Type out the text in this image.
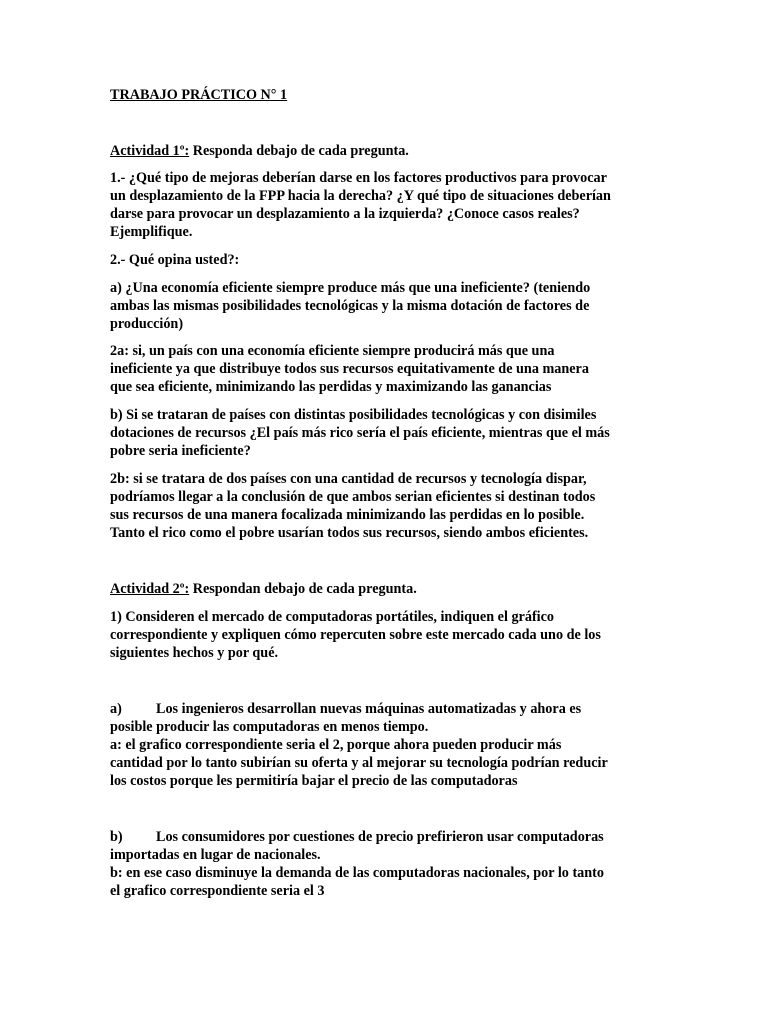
TRABAJO PRÁCTICO N° 1

Actividad 1º: Responda debajo de cada pregunta.

1.- ¿Qué tipo de mejoras deberían darse en los factores productivos para provocar

un desplazamiento de la FPP hacia la derecha? ¿Y qué tipo de situaciones deberían

darse para provocar un desplazamiento a la izquierda? ¿Conoce casos reales?

Ejemplifique.

2.- Qué opina usted?:

a) ¿Una economía eficiente siempre produce más que una ineficiente? (teniendo

ambas las mismas posibilidades tecnológicas y la misma dotación de factores de

producción)

2a: si, un país con una economía eficiente siempre producirá más que una

ineficiente ya que distribuye todos sus recursos equitativamente de una manera

que sea eficiente, minimizando las perdidas y maximizando las ganancias

b) Si se trataran de países con distintas posibilidades tecnológicas y con disimiles

dotaciones de recursos ¿El país más rico sería el país eficiente, mientras que el más

pobre seria ineficiente?

2b: si se tratara de dos países con una cantidad de recursos y tecnología dispar,

podríamos llegar a la conclusión de que ambos serian eficientes si destinan todos

sus recursos de una manera focalizada minimizando las perdidas en lo posible.

Tanto el rico como el pobre usarían todos sus recursos, siendo ambos eficientes.

Actividad 2º: Respondan debajo de cada pregunta.

1) Consideren el mercado de computadoras portátiles, indiquen el gráfico

correspondiente y expliquen cómo repercuten sobre este mercado cada uno de los

siguientes hechos y por qué.

a) Los ingenieros desarrollan nuevas máquinas automatizadas y ahora es

posible producir las computadoras en menos tiempo.

a: el grafico correspondiente seria el 2, porque ahora pueden producir más

cantidad por lo tanto subirían su oferta y al mejorar su tecnología podrían reducir

los costos porque les permitiría bajar el precio de las computadoras

b) Los consumidores por cuestiones de precio prefirieron usar computadoras

importadas en lugar de nacionales.

b: en ese caso disminuye la demanda de las computadoras nacionales, por lo tanto

el grafico correspondiente seria el 3
